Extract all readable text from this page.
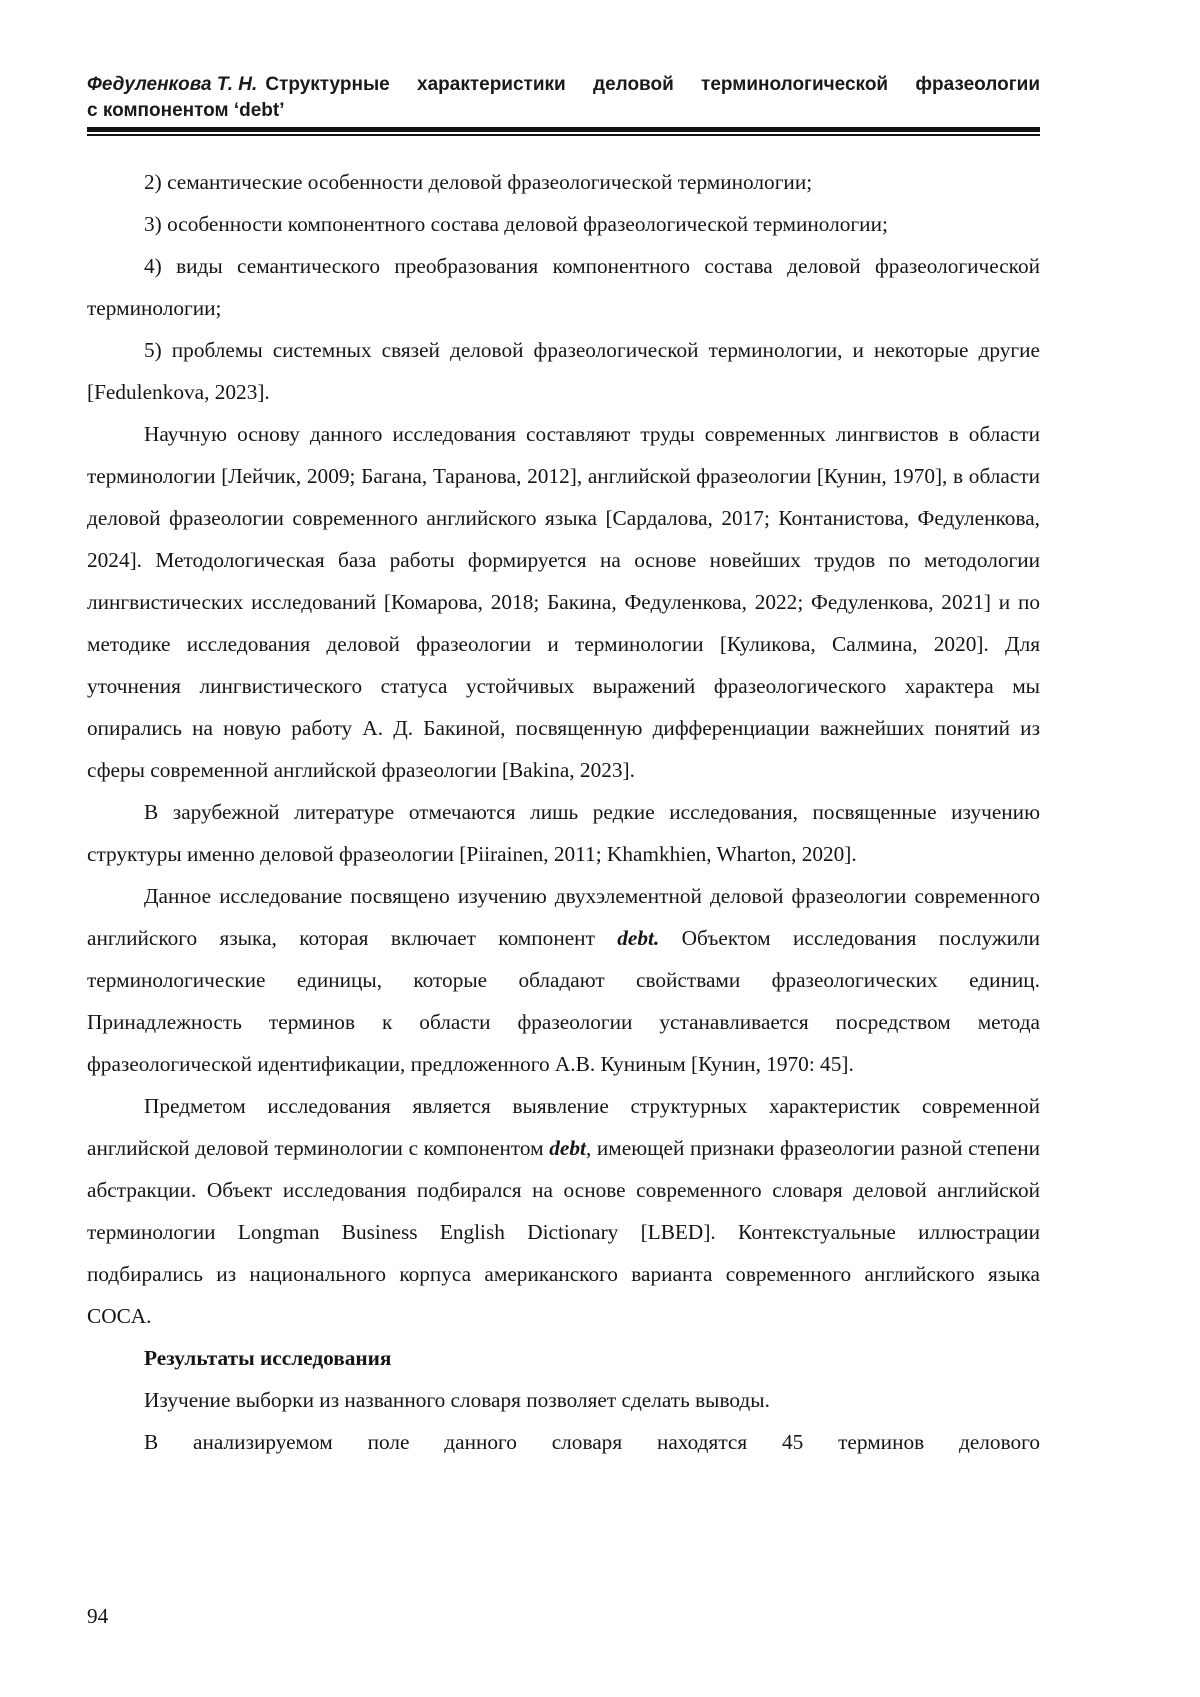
Федуленкова Т. Н. Структурные характеристики деловой терминологической фразеологии
с компонентом ‘debt’

2) семантические особенности деловой фразеологической терминологии;

3) особенности компонентного состава деловой фразеологической терминологии;

4) виды семантического преобразования компонентного состава деловой фразеологической терминологии;

5) проблемы системных связей деловой фразеологической терминологии, и некоторые другие [Fedulenkova, 2023].

Научную основу данного исследования составляют труды современных лингвистов в области терминологии [Лейчик, 2009; Багана, Таранова, 2012], английской фразеологии [Кунин, 1970], в области деловой фразеологии современного английского языка [Сардалова, 2017; Контанистова, Федуленкова, 2024]. Методологическая база работы формируется на основе новейших трудов по методологии лингвистических исследований [Комарова, 2018; Бакина, Федуленкова, 2022; Федуленкова, 2021] и по методике исследования деловой фразеологии и терминологии [Куликова, Салмина, 2020]. Для уточнения лингвистического статуса устойчивых выражений фразеологического характера мы опирались на новую работу А. Д. Бакиной, посвященную дифференциации важнейших понятий из сферы современной английской фразеологии [Bakina, 2023].

В зарубежной литературе отмечаются лишь редкие исследования, посвященные изучению структуры именно деловой фразеологии [Piirainen, 2011; Khamkhien, Wharton, 2020].

Данное исследование посвящено изучению двухэлементной деловой фразеологии современного английского языка, которая включает компонент debt. Объектом исследования послужили терминологические единицы, которые обладают свойствами фразеологических единиц. Принадлежность терминов к области фразеологии устанавливается посредством метода фразеологической идентификации, предложенного А.В. Куниным [Кунин, 1970: 45].

Предметом исследования является выявление структурных характеристик современной английской деловой терминологии с компонентом debt, имеющей признаки фразеологии разной степени абстракции. Объект исследования подбирался на основе современного словаря деловой английской терминологии Longman Business English Dictionary [LBED]. Контекстуальные иллюстрации подбирались из национального корпуса американского варианта современного английского языка COCA.

Результаты исследования

Изучение выборки из названного словаря позволяет сделать выводы.

В анализируемом поле данного словаря находятся 45 терминов делового

94
